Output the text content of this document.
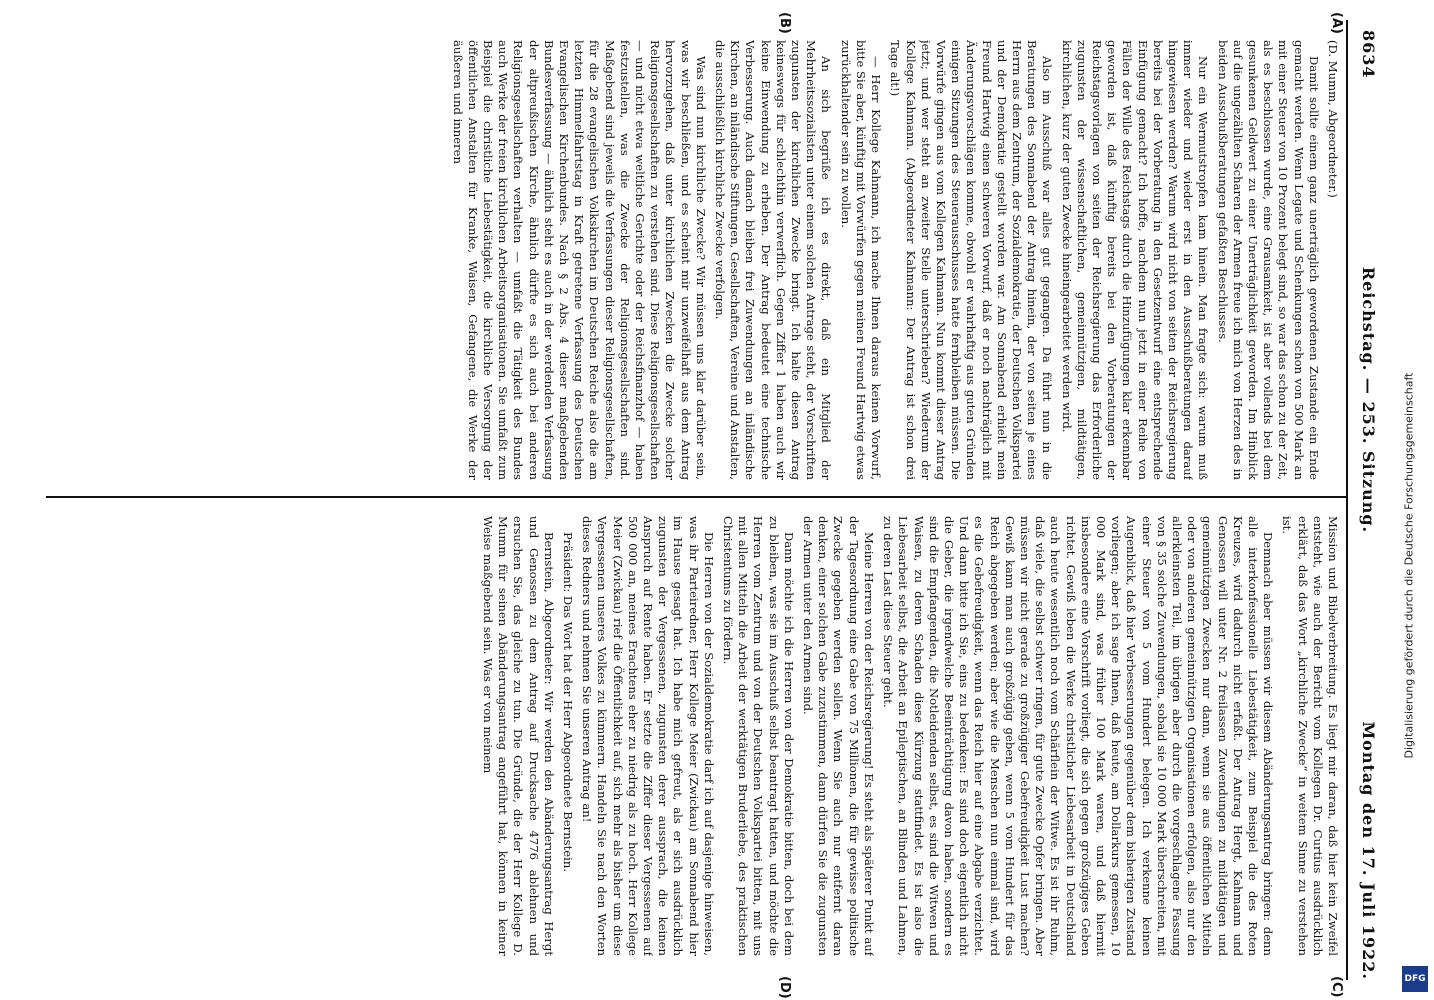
8634
Reichstag. — 253. Sitzung.
Montag den 17. Juli 1922.
(A)
(B)
(C)
(D)

(D. Mumm, Abgeordneter.)

Damit sollte einem ganz unerträglich gewordenen Zustande ein Ende gemacht werden. Wenn Legate und Schenkungen schon von 500 Mark an mit einer Steuer von 10 Prozent belegt sind, so war das schon zu der Zeit, als es beschlossen wurde, eine Grausamkeit, ist aber vollends bei dem gesunkenen Geldwert zu einer Unerträglichkeit geworden. Im Hinblick auf die ungezählten Scharen der Armen freue ich mich von Herzen des in beiden Ausschußberatungen gefaßten Beschlusses.

Nur ein Wermutstropfen kam hinein. Man fragte sich: warum muß immer wieder und wieder erst in den Ausschußberatungen darauf hingewiesen werden? Warum wird nicht von seiten der Reichsregierung bereits bei der Vorberatung in den Gesetzentwurf eine entsprechende Einfügung gemacht? Ich hoffe, nachdem nun jetzt in einer Reihe von Fällen der Wille des Reichstags durch die Hinzufügungen klar erkennbar geworden ist, daß künftig bereits bei den Vorberatungen der Reichstagsvorlagen von seiten der Reichsregierung das Erforderliche zugunsten der wissenschaftlichen, gemeinnützigen, mildtätigen, kirchlichen, kurz der guten Zwecke hineingearbeitet werden wird.

Also im Ausschuß war alles gut gegangen. Da führt nun in die Beratungen des Sonnabend der Antrag hinein, der von seiten je eines Herrn aus dem Zentrum, der Sozialdemokratie, der Deutschen Volkspartei und der Demokratie gestellt worden war. Am Sonnabend erhielt mein Freund Hartwig einen schweren Vorwurf, daß er noch nachträglich mit Änderungsvorschlägen komme, obwohl er wahrhaftig aus guten Gründen einigen Sitzungen des Steuerausschusses hatte fernbleiben müssen. Die Vorwürfe gingen aus vom Kollegen Kahmann. Nun kommt dieser Antrag jetzt; und wer steht an zweiter Stelle unterschrieben? Wiederum der Kollege Kahmann. (Abgeordneter Kahmann: Der Antrag ist schon drei Tage alt!)

— Herr Kollege Kahmann, ich mache Ihnen daraus keinen Vorwurf, bitte Sie aber, künftig mit Vorwürfen gegen meinen Freund Hartwig etwas zurückhaltender sein zu wollen.

An sich begrüße ich es direkt, daß ein Mitglied der Mehrheitssozialisten unter einem solchen Antrage steht, der Vorschriften zugunsten der kirchlichen Zwecke bringt. Ich halte diesen Antrag keineswegs für schlechthin verwerflich. Gegen Ziffer 1 haben auch wir keine Einwendung zu erheben. Der Antrag bedeutet eine technische Verbesserung. Auch danach bleiben frei Zuwendungen an inländische Kirchen, an inländische Stiftungen, Gesellschaften, Vereine und Anstalten, die ausschließlich kirchliche Zwecke verfolgen.

Was sind nun kirchliche Zwecke? Wir müssen uns klar darüber sein, was wir beschließen, und es scheint mir unzweifelhaft aus dem Antrag hervorzugehen, daß unter kirchlichen Zwecken die Zwecke solcher Religionsgesellschaften zu verstehen sind. Diese Religionsgesellschaften — und nicht etwa weltliche Gerichte oder der Reichsfinanzhof — haben festzustellen, was die Zwecke der Religionsgesellschaften sind. Maßgebend sind jeweils die Verfassungen dieser Religionsgesellschaften, für die 28 evangelischen Volkskirchen im Deutschen Reiche also die am letzten Himmelfahrtstag in Kraft getretene Verfassung des Deutschen Evangelischen Kirchenbundes. Nach § 2 Abs. 4 dieser maßgebenden Bundesverfassung — ähnlich steht es auch in der werdenden Verfassung der altpreußischen Kirche, ähnlich dürfte es sich auch bei anderen Religionsgesellschaften verhalten — umfaßt die Tätigkeit des Bundes auch Werke der freien kirchlichen Arbeitsorganisationen. Sie umfaßt zum Beispiel die christliche Liebestätigkeit, die kirchliche Versorgung der öffentlichen Anstalten für Kranke, Waisen, Gefangene, die Werke der äußeren und inneren

Mission und Bibelverbreitung. Es liegt mir daran, daß hier kein Zweifel entsteht, wie auch der Bericht vom Kollegen Dr. Curtius ausdrücklich erklärt, daß das Wort „kirchliche Zwecke“ in weitem Sinne zu verstehen ist.

Demnach aber müssen wir diesem Abänderungsantrag bringen: denn alle interkonfessionelle Liebestätigkeit, zum Beispiel die des Roten Kreuzes, wird dadurch nicht erfaßt. Der Antrag Hergt, Kahmann und Genossen will unter Nr. 2 freilassen Zuwendungen zu mildtätigen und gemeinnützigen Zwecken nur dann, wenn sie aus öffentlichen Mitteln oder von anderen gemeinnützigen Organisationen erfolgen, also nur den allerkleinsten Teil, im übrigen aber durch die vorgeschlagene Fassung von § 35 solche Zuwendungen, sobald sie 10 000 Mark überschreiten, mit einer Steuer von 5 vom Hundert belegen. Ich verkenne keinen Augenblick, daß hier Verbesserungen gegenüber dem bisherigen Zustand vorliegen; aber ich sage Ihnen, daß heute, am Dollarkurs gemessen, 10 000 Mark sind, was früher 100 Mark waren, und daß hiermit insbesondere eine Vorschrift vorliegt, die sich gegen großzügiges Geben richtet. Gewiß leben die Werke christlicher Liebesarbeit in Deutschland auch heute wesentlich noch vom Schärflein der Witwe. Es ist ihr Ruhm, daß viele, die selbst schwer ringen, für gute Zwecke Opfer bringen. Aber müssen wir nicht gerade zu großzügiger Gebefreudigkeit Lust machen? Gewiß kann man auch großzügig geben, wenn 5 vom Hundert für das Reich abgegeben werden; aber wie die Menschen nun einmal sind, wird es die Gebefreudigkeit, wenn das Reich hier auf eine Abgabe verzichtet. Und dann bitte ich Sie, eins zu bedenken: Es sind doch eigentlich nicht die Geber, die irgendwelche Beeinträchtigung davon haben, sondern es sind die Empfangenden, die Notleidenden selbst, es sind die Witwen und Waisen, zu deren Schaden diese Kürzung stattfindet. Es ist also die Liebesarbeit selbst, die Arbeit an Epileptischen, an Blinden und Lahmen, zu deren Last diese Steuer geht.

Meine Herren von der Reichsregierung! Es steht als späterer Punkt auf der Tagesordnung eine Gabe von 75 Millionen, die für gewisse politische Zwecke gegeben werden sollen. Wenn Sie auch nur entfernt daran denken, einer solchen Gabe zuzustimmen, dann dürfen Sie die zugunsten der Armen unter den Armen sind.

Dann möchte ich die Herren von der Demokratie bitten, doch bei dem zu bleiben, was sie im Ausschuß selbst beantragt hatten, und möchte die Herren vom Zentrum und von der Deutschen Volkspartei bitten, mit uns mit allen Mitteln die Arbeit der werktätigen Bruderliebe, des praktischen Christentums zu fördern.

Die Herren von der Sozialdemokratie darf ich auf dasjenige hinweisen, was ihr Parteiredner, Herr Kollege Meier (Zwickau) am Sonnabend hier im Hause gesagt hat. Ich habe mich gefreut, als er sich ausdrücklich zugunsten der Vergessenen, zugunsten derer aussprach, die keinen Anspruch auf Rente haben. Er setzte die Ziffer dieser Vergessenen auf 500 000 an, meines Erachtens eher zu niedrig als zu hoch. Herr Kollege Meier (Zwickau) rief die Öffentlichkeit auf, sich mehr als bisher um diese Vergessenen unseres Volkes zu kümmern. Handeln Sie nach den Worten dieses Redners und nehmen Sie unseren Antrag an!

Präsident: Das Wort hat der Herr Abgeordnete Bernstein.

Bernstein, Abgeordneter: Wir werden den Abänderungsantrag Hergt und Genossen zu dem Antrag auf Drucksache 4776 ablehnen und ersuchen Sie, das gleiche zu tun. Die Gründe, die der Herr Kollege D. Mumm für seinen Abänderungsantrag angeführt hat, können in keiner Weise maßgebend sein. Was er von meinem	Digitalisierung gefördert durch die Deutsche Forschungsgemeinschaft
DFG
